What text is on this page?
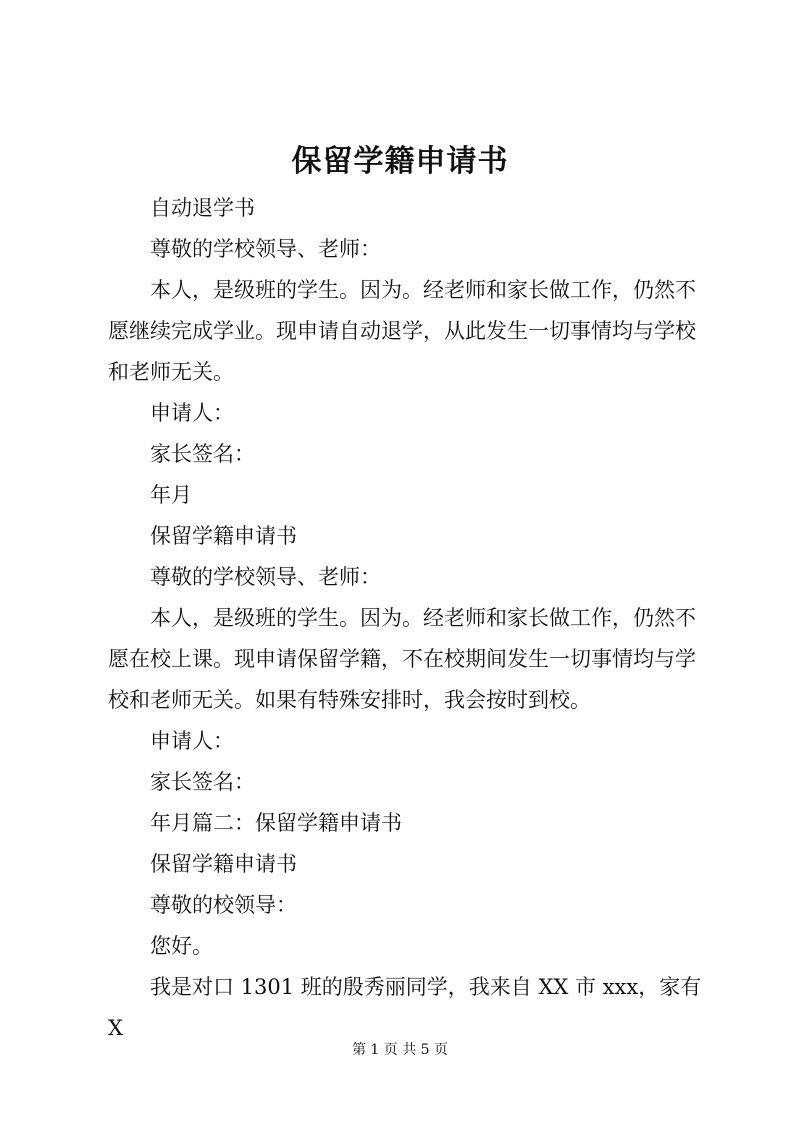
保留学籍申请书

自动退学书

尊敬的学校领导、老师：

本人，是级班的学生。因为。经老师和家长做工作，仍然不愿继续完成学业。现申请自动退学，从此发生一切事情均与学校和老师无关。

申请人：

家长签名：

年月

保留学籍申请书

尊敬的学校领导、老师：

本人，是级班的学生。因为。经老师和家长做工作，仍然不愿在校上课。现申请保留学籍，不在校期间发生一切事情均与学校和老师无关。如果有特殊安排时，我会按时到校。

申请人：

家长签名：

年月篇二：保留学籍申请书

保留学籍申请书

尊敬的校领导：

您好。

我是对口 1301 班的殷秀丽同学，我来自 XX 市 xxx，家有 X

第 1 页 共 5 页
